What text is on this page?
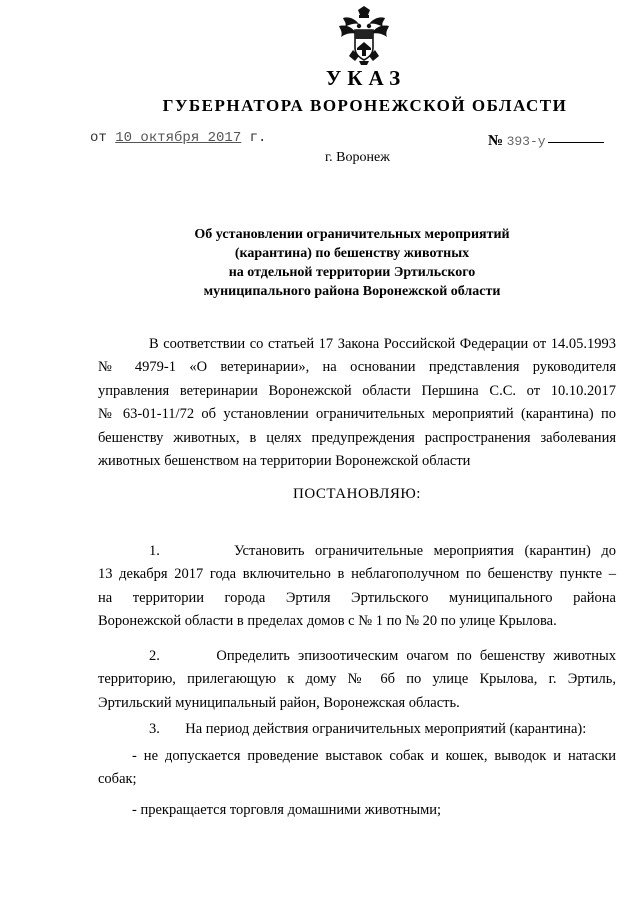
УКАЗ
ГУБЕРНАТОРА ВОРОНЕЖСКОЙ ОБЛАСТИ
от 10 октября 2017 г.	№ 393-у
г. Воронеж
Об установлении ограничительных мероприятий
(карантина) по бешенству животных
на отдельной территории Эртильского
муниципального района Воронежской области
В соответствии со статьей 17 Закона Российской Федерации от 14.05.1993
№ 4979-1 «О ветеринарии», на основании представления руководителя
управления ветеринарии Воронежской области Першина С.С. от 10.10.2017
№ 63-01-11/72 об установлении ограничительных мероприятий (карантина) по
бешенству животных, в целях предупреждения распространения заболевания
животных бешенством на территории Воронежской области
ПОСТАНОВЛЯЮ:
1.       Установить ограничительные мероприятия (карантин) до
13 декабря 2017 года включительно в неблагополучном по бешенству пункте –
на территории города Эртиля Эртильского муниципального района
Воронежской области в пределах домов с № 1 по № 20 по улице Крылова.
2.       Определить эпизоотическим очагом по бешенству животных
территорию, прилегающую к дому № 6б по улице Крылова, г. Эртиль,
Эртильский муниципальный район, Воронежская область.
3.       На период действия ограничительных мероприятий (карантина):
- не допускается проведение выставок собак и кошек, выводок и натаски
собак;
- прекращается торговля домашними животными;
